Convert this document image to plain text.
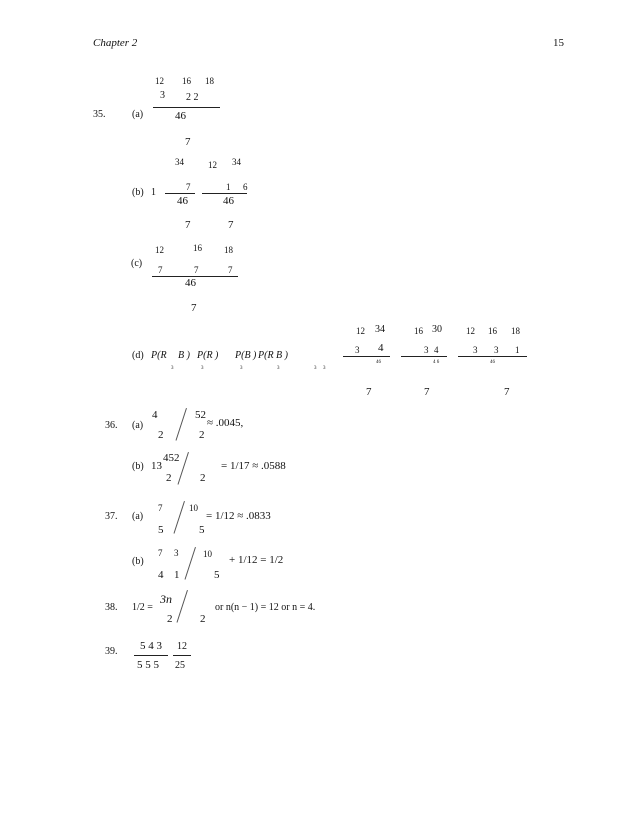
Chapter 2	15
35.	(a)
12 16 18
3 2 2
46
7
(b) 1
34	12 34
7	1 6
46	46
7	7
(c)
12	16 18
7	7	7
46
7
(d) P(R B ) P(R ) P(B ) P(R B )
3	3	3	3	3 3
12 34	16 30	12 16 18
3 4	3 4	3 3 1
46	4 6	46
7	7	7
36. (a)
4	52
≈ .0045,
2	2
(b) 13
452
= 1/17 ≈ .0588
2	2
37. (a)
7	10
= 1/12 ≈ .0833
5	5
(b)
7 3	10 + 1/12 = 1/2
4 1	5
38. 1/2 =
3n
or n(n − 1) = 12 or n = 4.
2	2
39. 5 4 3
5 5 5
12
25
